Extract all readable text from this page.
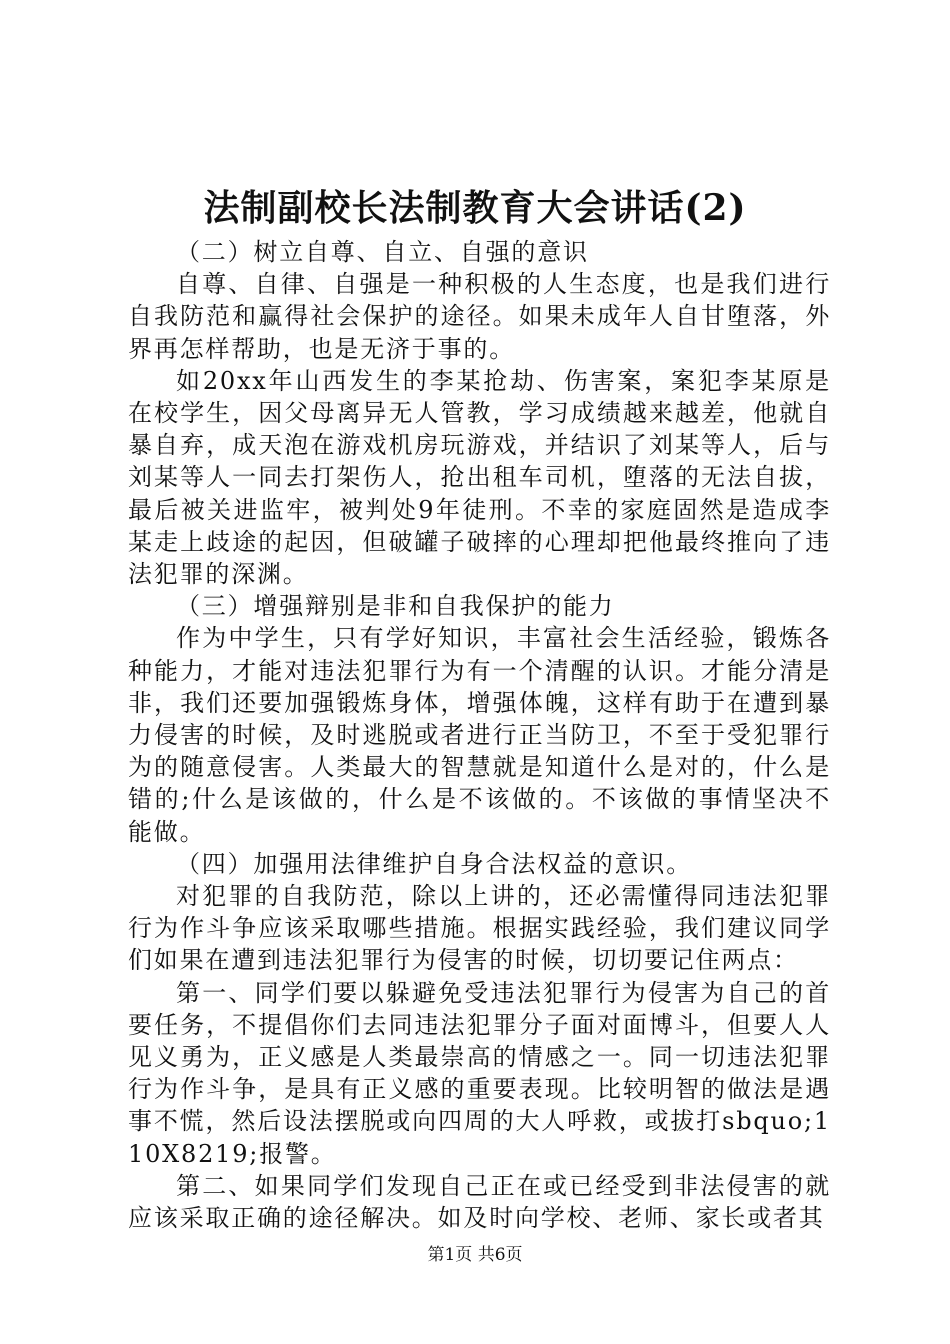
法制副校长法制教育大会讲话(2)

（二）树立自尊、自立、自强的意识

自尊、自律、自强是一种积极的人生态度，也是我们进行自我防范和赢得社会保护的途径。如果未成年人自甘堕落，外界再怎样帮助，也是无济于事的。

如20xx年山西发生的李某抢劫、伤害案，案犯李某原是在校学生，因父母离异无人管教，学习成绩越来越差，他就自暴自弃，成天泡在游戏机房玩游戏，并结识了刘某等人，后与刘某等人一同去打架伤人，抢出租车司机，堕落的无法自拔，最后被关进监牢，被判处9年徒刑。不幸的家庭固然是造成李某走上歧途的起因，但破罐子破摔的心理却把他最终推向了违法犯罪的深渊。

（三）增强辩别是非和自我保护的能力

作为中学生，只有学好知识，丰富社会生活经验，锻炼各种能力，才能对违法犯罪行为有一个清醒的认识。才能分清是非，我们还要加强锻炼身体，增强体魄，这样有助于在遭到暴力侵害的时候，及时逃脱或者进行正当防卫，不至于受犯罪行为的随意侵害。人类最大的智慧就是知道什么是对的，什么是错的;什么是该做的，什么是不该做的。不该做的事情坚决不能做。

（四）加强用法律维护自身合法权益的意识。

对犯罪的自我防范，除以上讲的，还必需懂得同违法犯罪行为作斗争应该采取哪些措施。根据实践经验，我们建议同学们如果在遭到违法犯罪行为侵害的时候，切切要记住两点：

第一、同学们要以躲避免受违法犯罪行为侵害为自己的首要任务，不提倡你们去同违法犯罪分子面对面博斗，但要人人见义勇为，正义感是人类最崇高的情感之一。同一切违法犯罪行为作斗争，是具有正义感的重要表现。比较明智的做法是遇事不慌，然后设法摆脱或向四周的大人呼救，或拔打sbquo;110X8219;报警。

第二、如果同学们发现自己正在或已经受到非法侵害的就应该采取正确的途径解决。如及时向学校、老师、家长或者其

第1页 共6页
